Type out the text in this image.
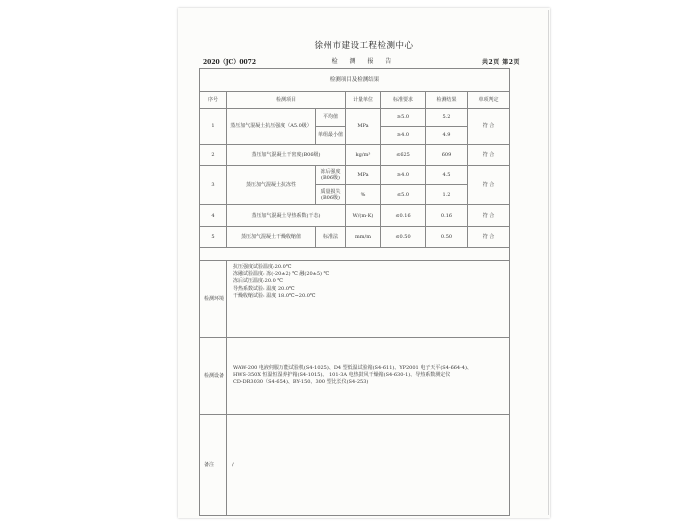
徐州市建设工程检测中心
2020（JC）0072	检 测 报 告	共2页 第2页
检测项目及检测结果						
序号	检测项目		计量单位	标准要求	检测结果	单项判定
1	蒸压加气混凝土抗压强度（A5.0级）	平均值	MPa	≥5.0	5.2	符 合
		单组最小值		≥4.0	4.9	
2	蒸压加气混凝土干密度(B06级)		kg/m³	≤625	609	符 合
3	蒸压加气混凝土抗冻性	冻后强度(B06级)	MPa	≥4.0	4.5	符 合
		质量损失(B06级)	%	≤5.0	1.2	
4	蒸压加气混凝土导热系数(干态)		W/(m·K)	≤0.16	0.16	符 合
5	蒸压加气混凝土干燥收缩值	标准法	mm/m	≤0.50	0.50	符 合

检测环境	抗压强度试验温度:20.0℃
冻融试验温度: 冻(-20±2) ℃ 融(20±5) ℃
冻后试压温度:20.0 ℃
导热系数试验: 温度 20.0℃
干燥收缩试验: 温度 18.0℃~20.0℃					

检测设备	WAW-200 电液伺服万能试验机(S4-1025)、D4 型低温试验箱(S4-611)、YP2001 电子天平(S4-664-4)、
HWS-350X 恒温恒湿养护箱(S4-1015)、 101-3A 电热鼓风干燥箱(S4-630-1)、导热系数测定仪
CD-DR3030（S4-654)、BY-150、300 型比长仪(S4-253)					

备注	/					
